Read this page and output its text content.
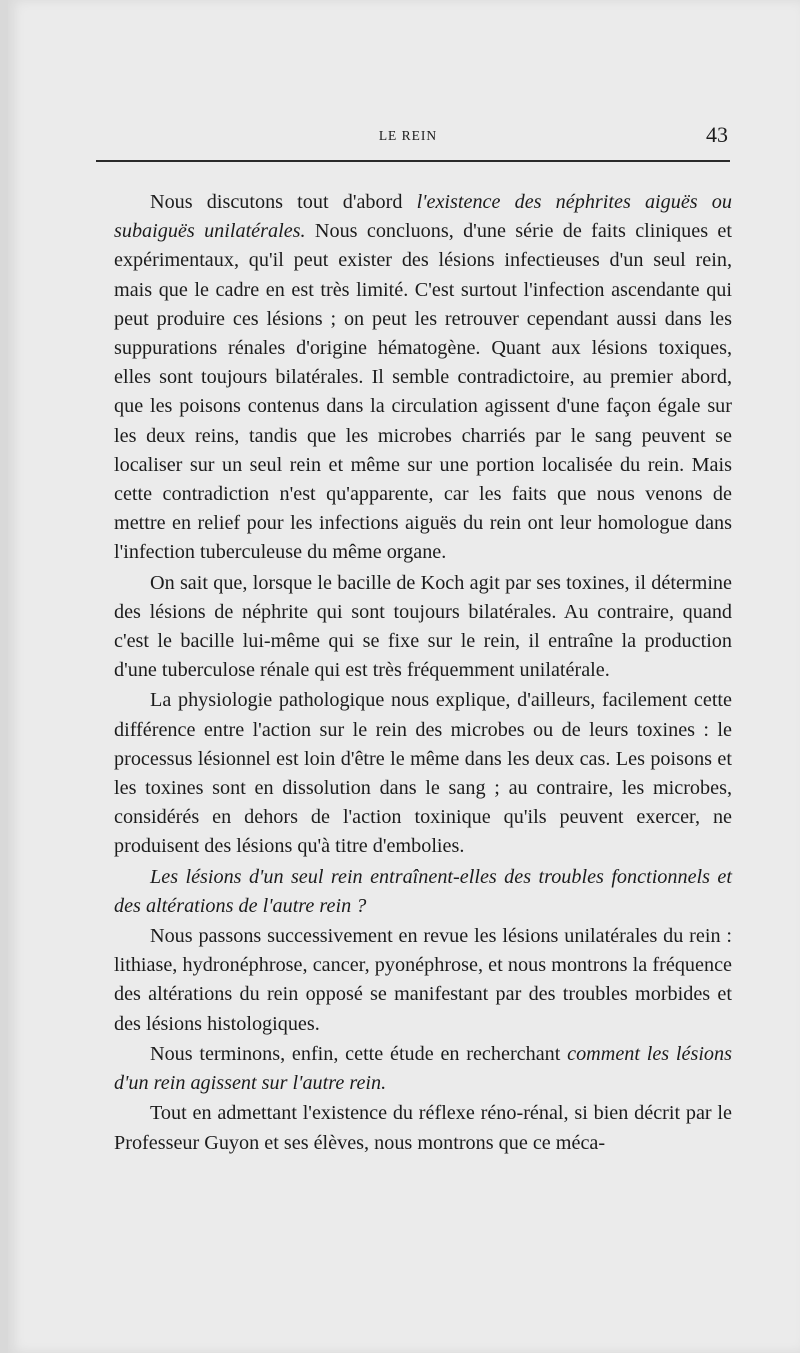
LE REIN	43

Nous discutons tout d'abord l'existence des néphrites aiguës ou subaiguës unilatérales. Nous concluons, d'une série de faits cliniques et expérimentaux, qu'il peut exister des lésions infectieuses d'un seul rein, mais que le cadre en est très limité. C'est surtout l'infection ascendante qui peut produire ces lésions ; on peut les retrouver cependant aussi dans les suppurations rénales d'origine hématogène. Quant aux lésions toxiques, elles sont toujours bilatérales. Il semble contradictoire, au premier abord, que les poisons contenus dans la circulation agissent d'une façon égale sur les deux reins, tandis que les microbes charriés par le sang peuvent se localiser sur un seul rein et même sur une portion localisée du rein. Mais cette contradiction n'est qu'apparente, car les faits que nous venons de mettre en relief pour les infections aiguës du rein ont leur homologue dans l'infection tuberculeuse du même organe.

On sait que, lorsque le bacille de Koch agit par ses toxines, il détermine des lésions de néphrite qui sont toujours bilatérales. Au contraire, quand c'est le bacille lui-même qui se fixe sur le rein, il entraîne la production d'une tuberculose rénale qui est très fréquemment unilatérale.

La physiologie pathologique nous explique, d'ailleurs, facilement cette différence entre l'action sur le rein des microbes ou de leurs toxines : le processus lésionnel est loin d'être le même dans les deux cas. Les poisons et les toxines sont en dissolution dans le sang ; au contraire, les microbes, considérés en dehors de l'action toxinique qu'ils peuvent exercer, ne produisent des lésions qu'à titre d'embolies.

Les lésions d'un seul rein entraînent-elles des troubles fonctionnels et des altérations de l'autre rein ?

Nous passons successivement en revue les lésions unilatérales du rein : lithiase, hydronéphrose, cancer, pyonéphrose, et nous montrons la fréquence des altérations du rein opposé se manifestant par des troubles morbides et des lésions histologiques.

Nous terminons, enfin, cette étude en recherchant comment les lésions d'un rein agissent sur l'autre rein.

Tout en admettant l'existence du réflexe réno-rénal, si bien décrit par le Professeur Guyon et ses élèves, nous montrons que ce méca-
